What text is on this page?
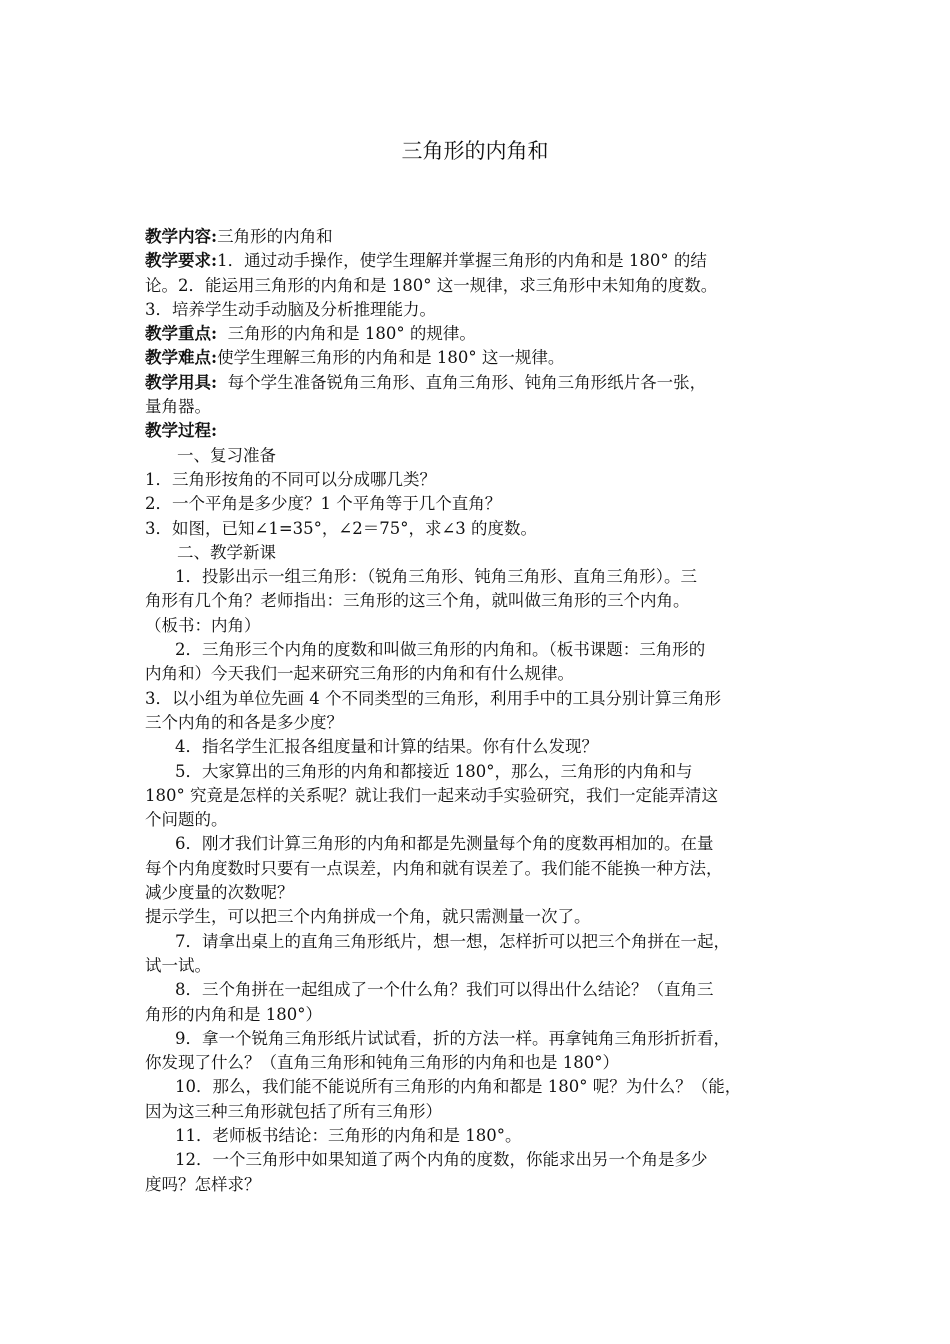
三角形的内角和
教学内容:三角形的内角和
教学要求:1．通过动手操作，使学生理解并掌握三角形的内角和是 180° 的结
论。2．能运用三角形的内角和是 180° 这一规律，求三角形中未知角的度数。
3．培养学生动手动脑及分析推理能力。
教学重点:  三角形的内角和是 180° 的规律。
教学难点:使学生理解三角形的内角和是 180° 这一规律。
教学用具:  每个学生准备锐角三角形、直角三角形、钝角三角形纸片各一张，
量角器。
教学过程:
一、复习准备
1．三角形按角的不同可以分成哪几类？
2．一个平角是多少度？1 个平角等于几个直角？
3．如图，已知∠1=35°，∠2＝75°，求∠3 的度数。
二、教学新课
1．投影出示一组三角形：（锐角三角形、钝角三角形、直角三角形）。三
角形有几个角？老师指出：三角形的这三个角，就叫做三角形的三个内角。
（板书：内角）
2．三角形三个内角的度数和叫做三角形的内角和。（板书课题：三角形的
内角和）今天我们一起来研究三角形的内角和有什么规律。
3．以小组为单位先画 4 个不同类型的三角形，利用手中的工具分别计算三角形
三个内角的和各是多少度？
4．指名学生汇报各组度量和计算的结果。你有什么发现？
5．大家算出的三角形的内角和都接近 180°，那么，三角形的内角和与
180° 究竟是怎样的关系呢？就让我们一起来动手实验研究，我们一定能弄清这
个问题的。
6．刚才我们计算三角形的内角和都是先测量每个角的度数再相加的。在量
每个内角度数时只要有一点误差，内角和就有误差了。我们能不能换一种方法，
减少度量的次数呢？
提示学生，可以把三个内角拼成一个角，就只需测量一次了。
7．请拿出桌上的直角三角形纸片，想一想，怎样折可以把三个角拼在一起，
试一试。
8．三个角拼在一起组成了一个什么角？我们可以得出什么结论？（直角三
角形的内角和是 180°）
9．拿一个锐角三角形纸片试试看，折的方法一样。再拿钝角三角形折折看，
你发现了什么？（直角三角形和钝角三角形的内角和也是 180°）
10．那么，我们能不能说所有三角形的内角和都是 180° 呢？为什么？（能，
因为这三种三角形就包括了所有三角形）
11．老师板书结论：三角形的内角和是 180°。
12．一个三角形中如果知道了两个内角的度数，你能求出另一个角是多少
度吗？怎样求？
